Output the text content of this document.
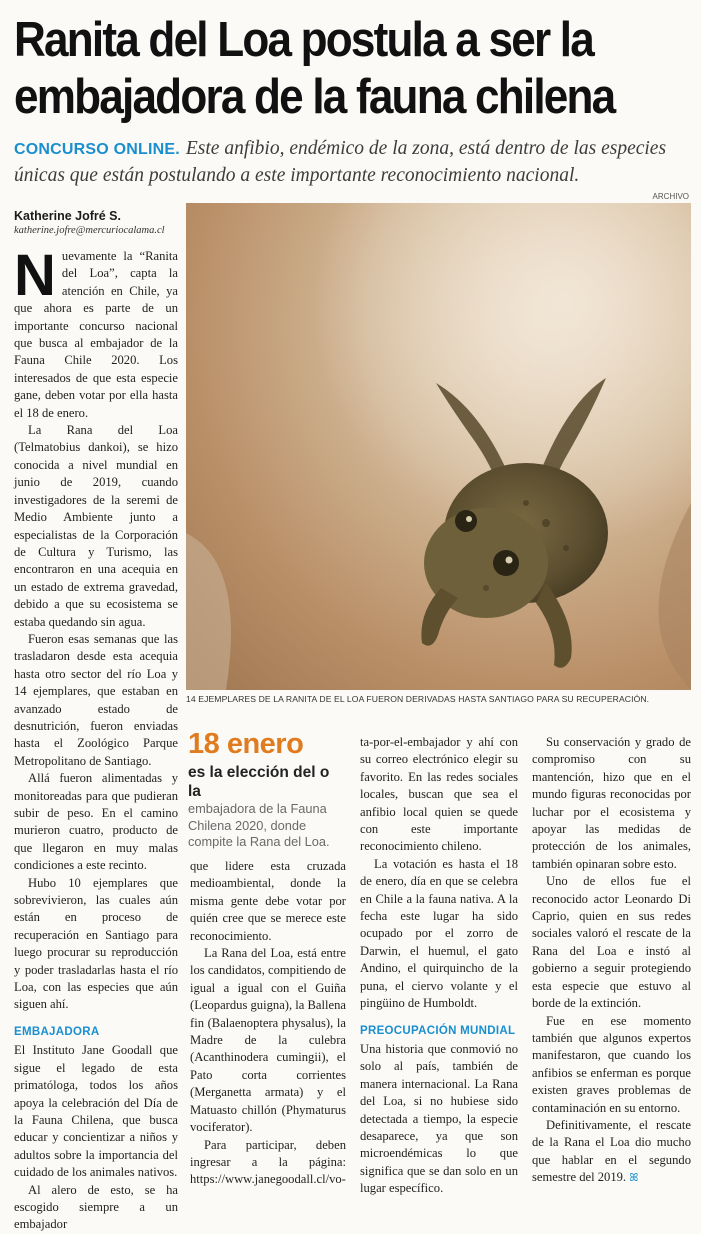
Ranita del Loa postula a ser la
embajadora de la fauna chilena

CONCURSO ONLINE. Este anfibio, endémico de la zona, está dentro de las especies únicas que están postulando a este importante reconocimiento nacional.

ARCHIVO

Katherine Jofré S.

katherine.jofre@mercuriocalama.cl

14 EJEMPLARES DE LA RANITA DE EL LOA FUERON DERIVADAS HASTA SANTIAGO PARA SU RECUPERACIÓN.

Nuevamente la “Ranita del Loa”, capta la atención en Chile, ya que ahora es parte de un importante concurso nacional que busca al embajador de la Fauna Chile 2020. Los interesados de que esta especie gane, deben votar por ella hasta el 18 de enero.

La Rana del Loa (Telmatobius dankoi), se hizo conocida a nivel mundial en junio de 2019, cuando investigadores de la seremi de Medio Ambiente junto a especialistas de la Corporación de Cultura y Turismo, las encontraron en una acequia en un estado de extrema gravedad, debido a que su ecosistema se estaba quedando sin agua.

Fueron esas semanas que las trasladaron desde esta acequia hasta otro sector del río Loa y 14 ejemplares, que estaban en avanzado estado de desnutrición, fueron enviadas hasta el Zoológico Parque Metropolitano de Santiago.

Allá fueron alimentadas y monitoreadas para que pudieran subir de peso. En el camino murieron cuatro, producto de que llegaron en muy malas condiciones a este recinto.

Hubo 10 ejemplares que sobrevivieron, las cuales aún están en proceso de recuperación en Santiago para luego procurar su reproducción y poder trasladarlas hasta el río Loa, con las especies que aún siguen ahí.

EMBAJADORA

El Instituto Jane Goodall que sigue el legado de esta primatóloga, todos los años apoya la celebración del Día de la Fauna Chilena, que busca educar y concientizar a niños y adultos sobre la importancia del cuidado de los animales nativos.

Al alero de esto, se ha escogido siempre a un embajador

18 enero

es la elección del o la

embajadora de la Fauna Chilena 2020, donde compite la Rana del Loa.

que lidere esta cruzada medioambiental, donde la misma gente debe votar por quién cree que se merece este reconocimiento.

La Rana del Loa, está entre los candidatos, compitiendo de igual a igual con el Guiña (Leopardus guigna), la Ballena fin (Balaenoptera physalus), la Madre de la culebra (Acanthinodera cumingii), el Pato corta corrientes (Merganetta armata) y el Matuasto chillón (Phymaturus vociferator).

Para participar, deben ingresar a la página: https://www.janegoodall.cl/vo-

ta-por-el-embajador y ahí con su correo electrónico elegir su favorito. En las redes sociales locales, buscan que sea el anfibio local quien se quede con este importante reconocimiento chileno.

La votación es hasta el 18 de enero, día en que se celebra en Chile a la fauna nativa. A la fecha este lugar ha sido ocupado por el zorro de Darwin, el huemul, el gato Andino, el quirquincho de la puna, el ciervo volante y el pingüino de Humboldt.

PREOCUPACIÓN MUNDIAL

Una historia que conmovió no solo al país, también de manera internacional. La Rana del Loa, si no hubiese sido detectada a tiempo, la especie desaparece, ya que son microendémicas lo que significa que se dan solo en un lugar específico.

Su conservación y grado de compromiso con su mantención, hizo que en el mundo figuras reconocidas por luchar por el ecosistema y apoyar las medidas de protección de los animales, también opinaran sobre esto.

Uno de ellos fue el reconocido actor Leonardo Di Caprio, quien en sus redes sociales valoró el rescate de la Rana del Loa e instó al gobierno a seguir protegiendo esta especie que estuvo al borde de la extinción.

Fue en ese momento también que algunos expertos manifestaron, que cuando los anfibios se enferman es porque existen graves problemas de contaminación en su entorno.

Definitivamente, el rescate de la Rana el Loa dio mucho que hablar en el segundo semestre del 2019. ꕤ
